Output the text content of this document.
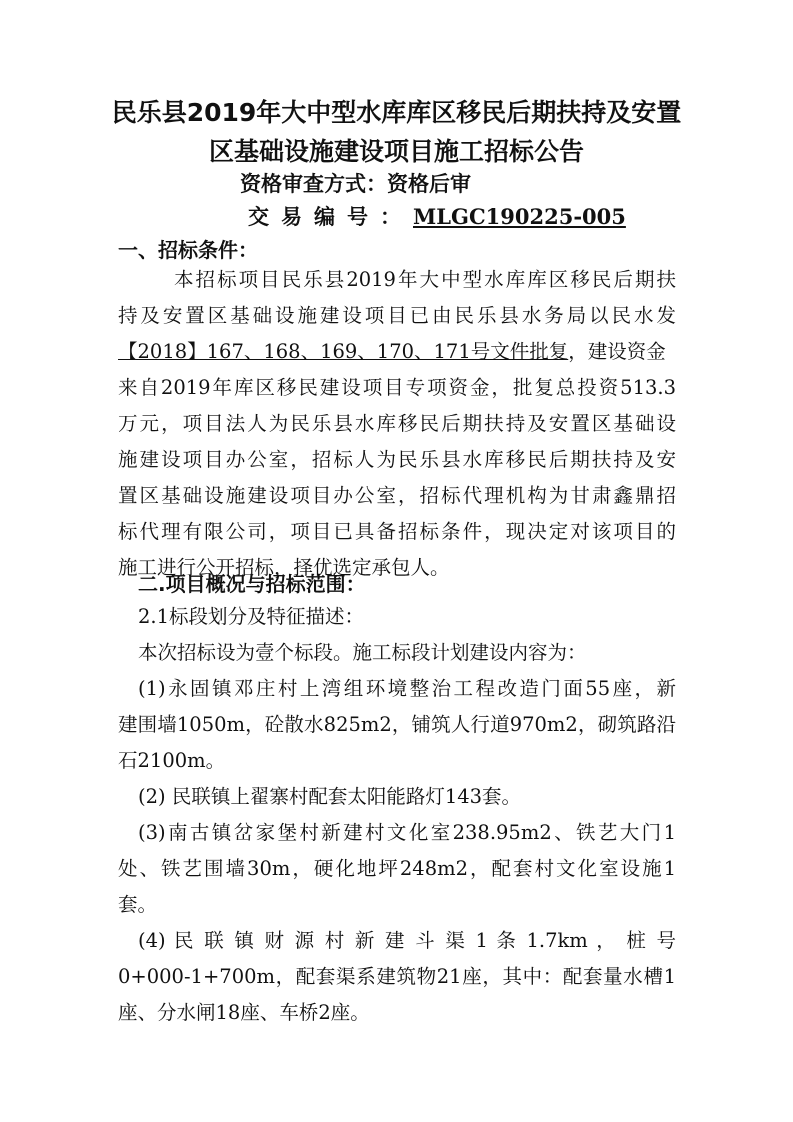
民乐县2019年大中型水库库区移民后期扶持及安置
区基础设施建设项目施工招标公告
资格审查方式：资格后审
交易编号：MLGC190225-005
一、招标条件：
本招标项目民乐县2019年大中型水库库区移民后期扶
持及安置区基础设施建设项目已由民乐县水务局以民水发
【2018】167、168、169、170、171号文件批复，建设资金
来自2019年库区移民建设项目专项资金，批复总投资513.3
万元，项目法人为民乐县水库移民后期扶持及安置区基础设
施建设项目办公室，招标人为民乐县水库移民后期扶持及安
置区基础设施建设项目办公室，招标代理机构为甘肃鑫鼎招
标代理有限公司，项目已具备招标条件，现决定对该项目的
施工进行公开招标，择优选定承包人。
二.项目概况与招标范围：
2.1标段划分及特征描述：
本次招标设为壹个标段。施工标段计划建设内容为：
(1)永固镇邓庄村上湾组环境整治工程改造门面55座，新
建围墙1050m，砼散水825m2，铺筑人行道970m2，砌筑路沿
石2100m。
(2) 民联镇上翟寨村配套太阳能路灯143套。
(3)南古镇岔家堡村新建村文化室238.95m2、铁艺大门1
处、铁艺围墙30m，硬化地坪248m2，配套村文化室设施1
套。
(4) 民 联 镇 财 源 村 新 建 斗 渠 1 条 1.7km ， 桩 号
0+000-1+700m，配套渠系建筑物21座，其中：配套量水槽1
座、分水闸18座、车桥2座。
